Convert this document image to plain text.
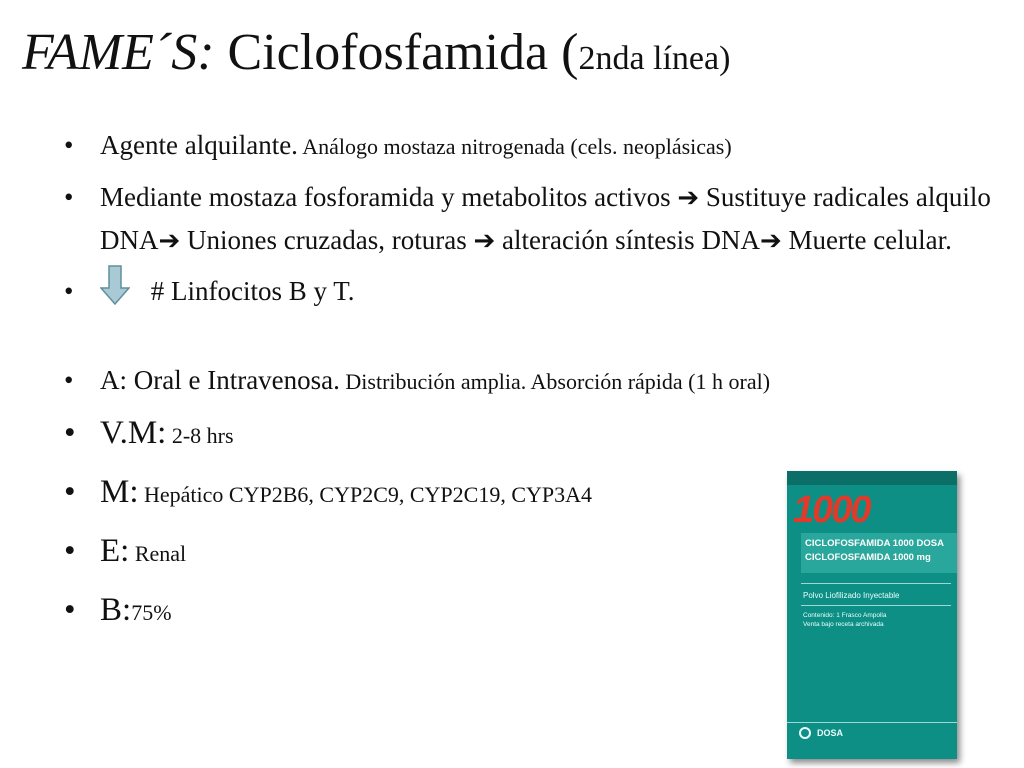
FAME´S: Ciclofosfamida (2nda línea)
• Agente alquilante. Análogo mostaza nitrogenada (cels. neoplásicas)
• Mediante mostaza fosforamida y metabolitos activos ➔ Sustituye radicales alquilo DNA➔ Uniones cruzadas, roturas ➔ alteración síntesis DNA➔ Muerte celular.
•	# Linfocitos B y T.
• A: Oral e Intravenosa. Distribución amplia. Absorción rápida (1 h oral)
• V.M: 2-8 hrs
• M: Hepático CYP2B6, CYP2C9, CYP2C19, CYP3A4
• E: Renal
• B:75%
1000
CICLOFOSFAMIDA 1000 DOSA
CICLOFOSFAMIDA 1000 mg
Polvo Liofilizado Inyectable
Contenido: 1 Frasco Ampolla
Venta bajo receta archivada
DOSA
